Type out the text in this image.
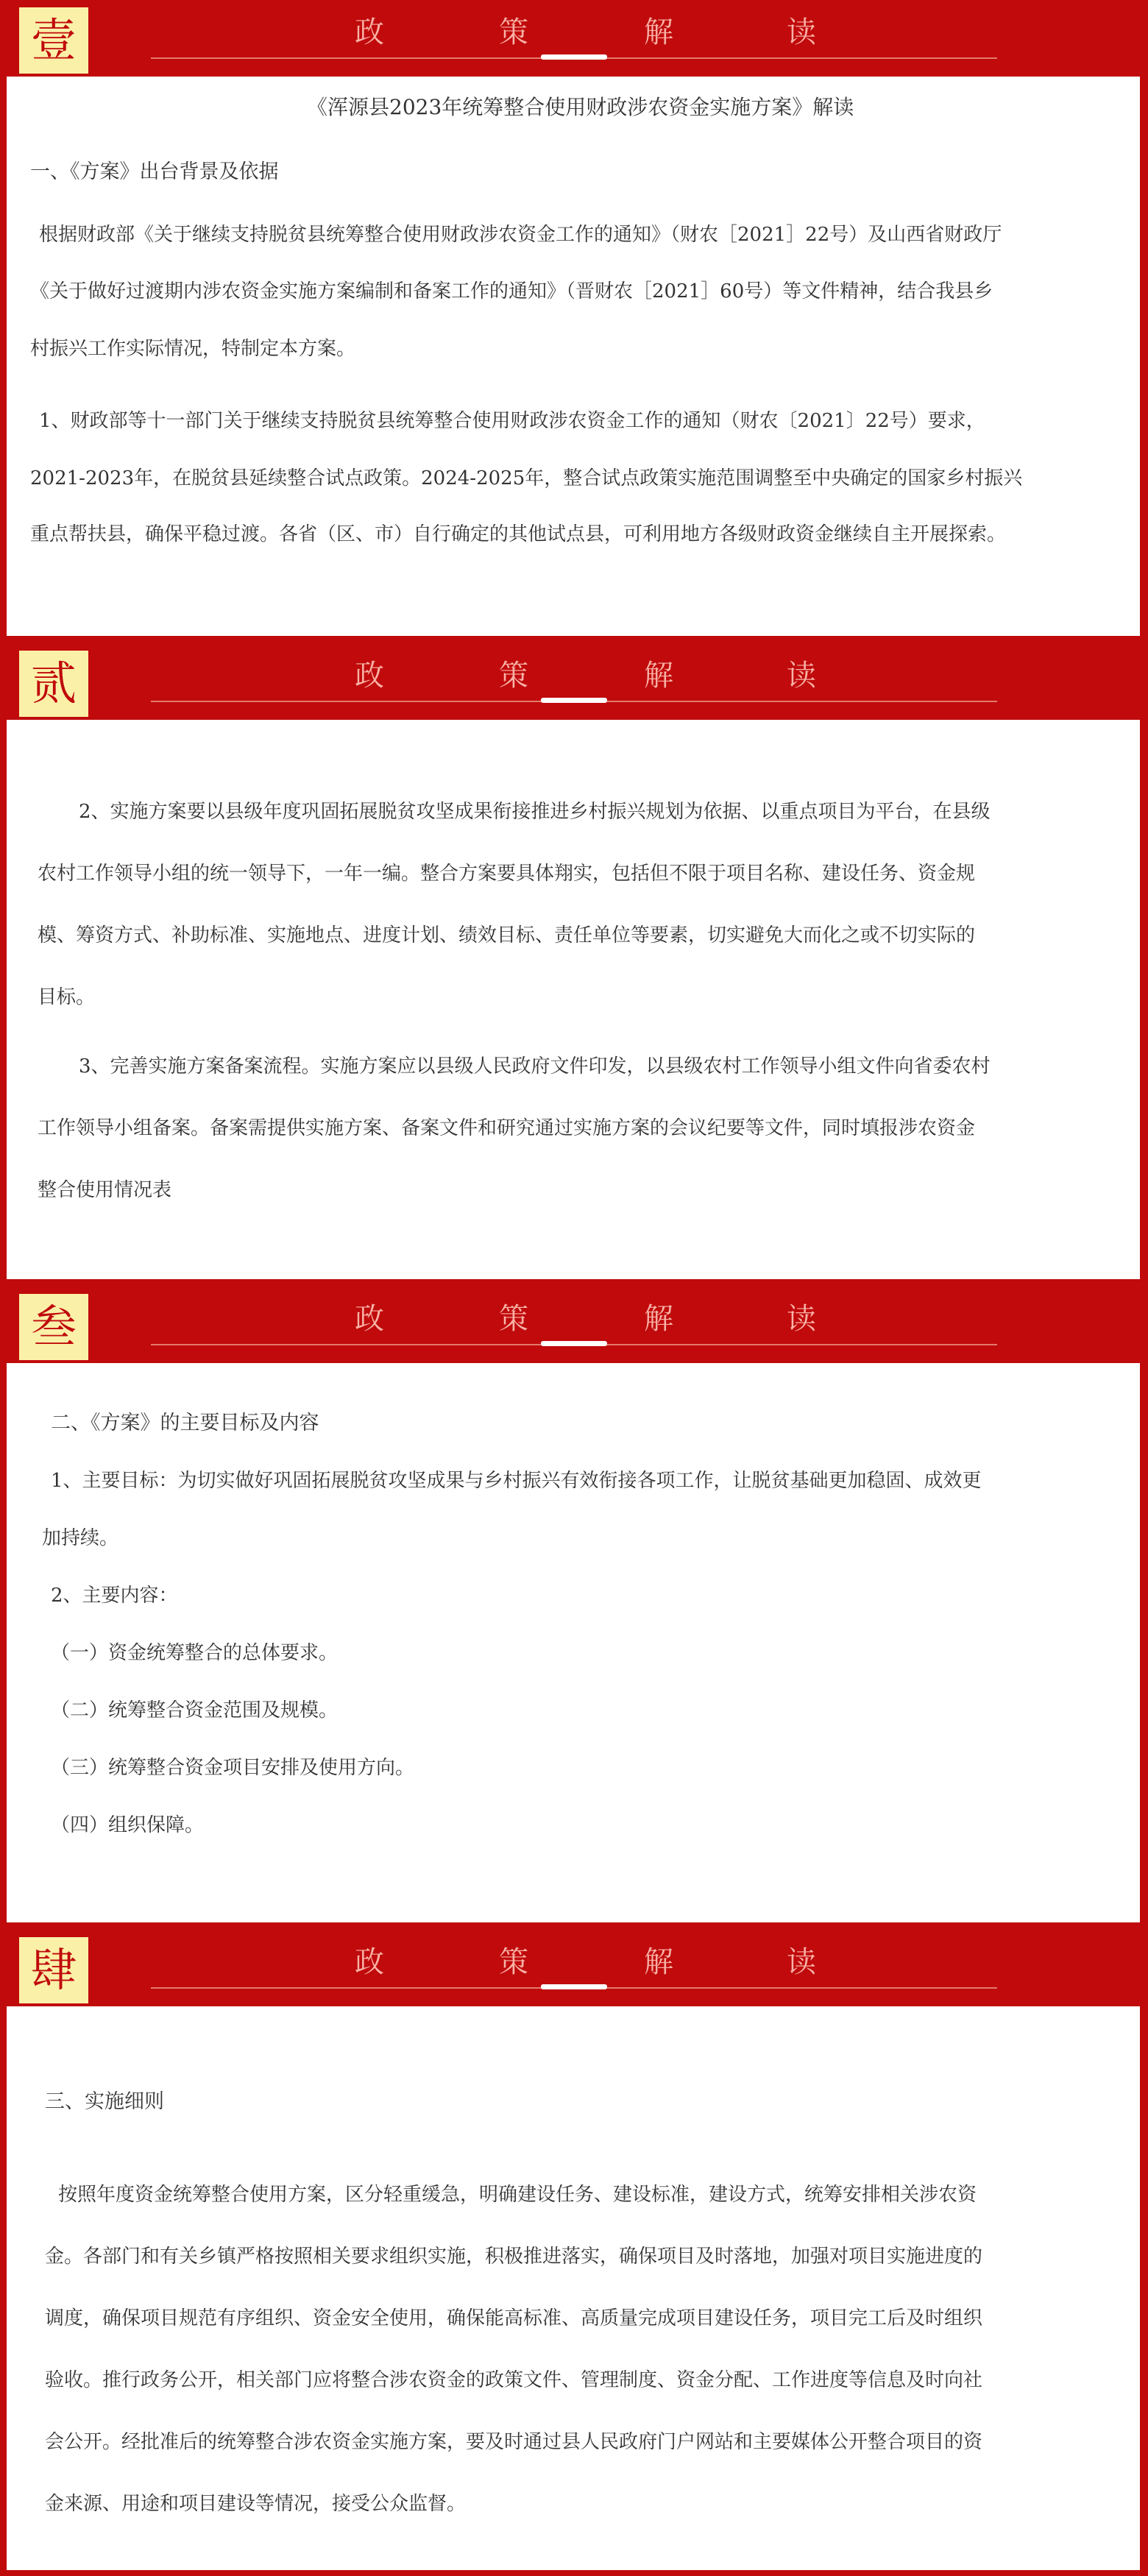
壹	政	策	解	读
《浑源县2023年统筹整合使用财政涉农资金实施方案》解读
一、《方案》出台背景及依据
根据财政部《关于继续支持脱贫县统筹整合使用财政涉农资金工作的通知》（财农［2021］22号）及山西省财政厅
《关于做好过渡期内涉农资金实施方案编制和备案工作的通知》（晋财农［2021］60号）等文件精神，结合我县乡
村振兴工作实际情况，特制定本方案。
1、财政部等十一部门关于继续支持脱贫县统筹整合使用财政涉农资金工作的通知（财农〔2021〕22号）要求，
2021-2023年，在脱贫县延续整合试点政策。2024-2025年，整合试点政策实施范围调整至中央确定的国家乡村振兴
重点帮扶县，确保平稳过渡。各省（区、市）自行确定的其他试点县，可利用地方各级财政资金继续自主开展探索。
贰	政	策	解	读
2、实施方案要以县级年度巩固拓展脱贫攻坚成果衔接推进乡村振兴规划为依据、以重点项目为平台，在县级
农村工作领导小组的统一领导下，一年一编。整合方案要具体翔实，包括但不限于项目名称、建设任务、资金规
模、筹资方式、补助标准、实施地点、进度计划、绩效目标、责任单位等要素，切实避免大而化之或不切实际的
目标。
3、完善实施方案备案流程。实施方案应以县级人民政府文件印发，以县级农村工作领导小组文件向省委农村
工作领导小组备案。备案需提供实施方案、备案文件和研究通过实施方案的会议纪要等文件，同时填报涉农资金
整合使用情况表
叁	政	策	解	读
二、《方案》的主要目标及内容
1、主要目标：为切实做好巩固拓展脱贫攻坚成果与乡村振兴有效衔接各项工作，让脱贫基础更加稳固、成效更
加持续。
2、主要内容：
（一）资金统筹整合的总体要求。
（二）统筹整合资金范围及规模。
（三）统筹整合资金项目安排及使用方向。
（四）组织保障。
肆	政	策	解	读
三、实施细则
按照年度资金统筹整合使用方案，区分轻重缓急，明确建设任务、建设标准，建设方式，统筹安排相关涉农资
金。各部门和有关乡镇严格按照相关要求组织实施，积极推进落实，确保项目及时落地，加强对项目实施进度的
调度，确保项目规范有序组织、资金安全使用，确保能高标准、高质量完成项目建设任务，项目完工后及时组织
验收。推行政务公开，相关部门应将整合涉农资金的政策文件、管理制度、资金分配、工作进度等信息及时向社
会公开。经批准后的统筹整合涉农资金实施方案，要及时通过县人民政府门户网站和主要媒体公开整合项目的资
金来源、用途和项目建设等情况，接受公众监督。
